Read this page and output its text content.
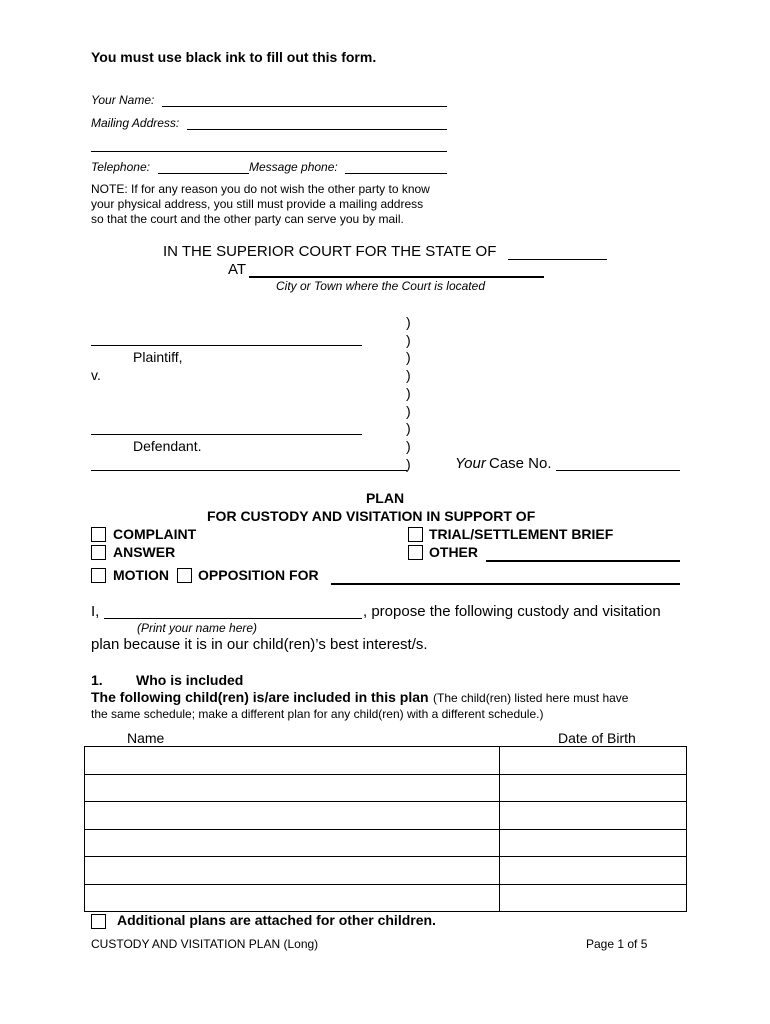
You must use black ink to fill out this form.
Your Name:
Mailing Address:
Telephone:	Message phone:
NOTE: If for any reason you do not wish the other party to know
your physical address, you still must provide a mailing address
so that the court and the other party can serve you by mail.
IN THE SUPERIOR COURT FOR THE STATE OF
AT
City or Town where the Court is located
Plaintiff,
v.
Defendant.
)
)
)
)
)
)
)
)
)	Your Case No.
PLAN
FOR CUSTODY AND VISITATION IN SUPPORT OF
COMPLAINT
ANSWER
TRIAL/SETTLEMENT BRIEF
OTHER
MOTION OPPOSITION FOR
I,	, propose the following custody and visitation
(Print your name here)
plan because it is in our child(ren)’s best interest/s.
1. Who is included
The following child(ren) is/are included in this plan (The child(ren) listed here must have
the same schedule; make a different plan for any child(ren) with a different schedule.)
Name	Date of Birth

Additional plans are attached for other children.
CUSTODY AND VISITATION PLAN (Long)	Page 1 of 5
